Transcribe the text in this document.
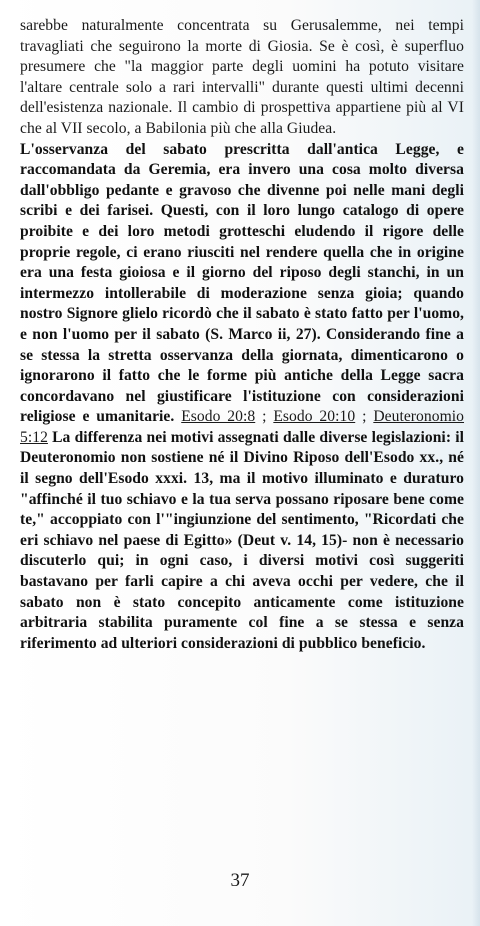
sarebbe naturalmente concentrata su Gerusalemme, nei tempi travagliati che seguirono la morte di Giosia. Se è così, è superfluo presumere che "la maggior parte degli uomini ha potuto visitare l'altare centrale solo a rari intervalli" durante questi ultimi decenni dell'esistenza nazionale. Il cambio di prospettiva appartiene più al VI che al VII secolo, a Babilonia più che alla Giudea.

L'osservanza del sabato prescritta dall'antica Legge, e raccomandata da Geremia, era invero una cosa molto diversa dall'obbligo pedante e gravoso che divenne poi nelle mani degli scribi e dei farisei. Questi, con il loro lungo catalogo di opere proibite e dei loro metodi grotteschi eludendo il rigore delle proprie regole, ci erano riusciti nel rendere quella che in origine era una festa gioiosa e il giorno del riposo degli stanchi, in un intermezzo intollerabile di moderazione senza gioia; quando nostro Signore glielo ricordò che il sabato è stato fatto per l'uomo, e non l'uomo per il sabato (S. Marco ii, 27). Considerando fine a se stessa la stretta osservanza della giornata, dimenticarono o ignorarono il fatto che le forme più antiche della Legge sacra concordavano nel giustificare l'istituzione con considerazioni religiose e umanitarie. Esodo 20:8 ; Esodo 20:10 ; Deuteronomio 5:12 La differenza nei motivi assegnati dalle diverse legislazioni: il Deuteronomio non sostiene né il Divino Riposo dell'Esodo xx., né il segno dell'Esodo xxxi. 13, ma il motivo illuminato e duraturo "affinché il tuo schiavo e la tua serva possano riposare bene come te," accoppiato con l'"ingiunzione del sentimento, "Ricordati che eri schiavo nel paese di Egitto» (Deut v. 14, 15)- non è necessario discuterlo qui; in ogni caso, i diversi motivi così suggeriti bastavano per farli capire a chi aveva occhi per vedere, che il sabato non è stato concepito anticamente come istituzione arbitraria stabilita puramente col fine a se stessa e senza riferimento ad ulteriori considerazioni di pubblico beneficio.

37
